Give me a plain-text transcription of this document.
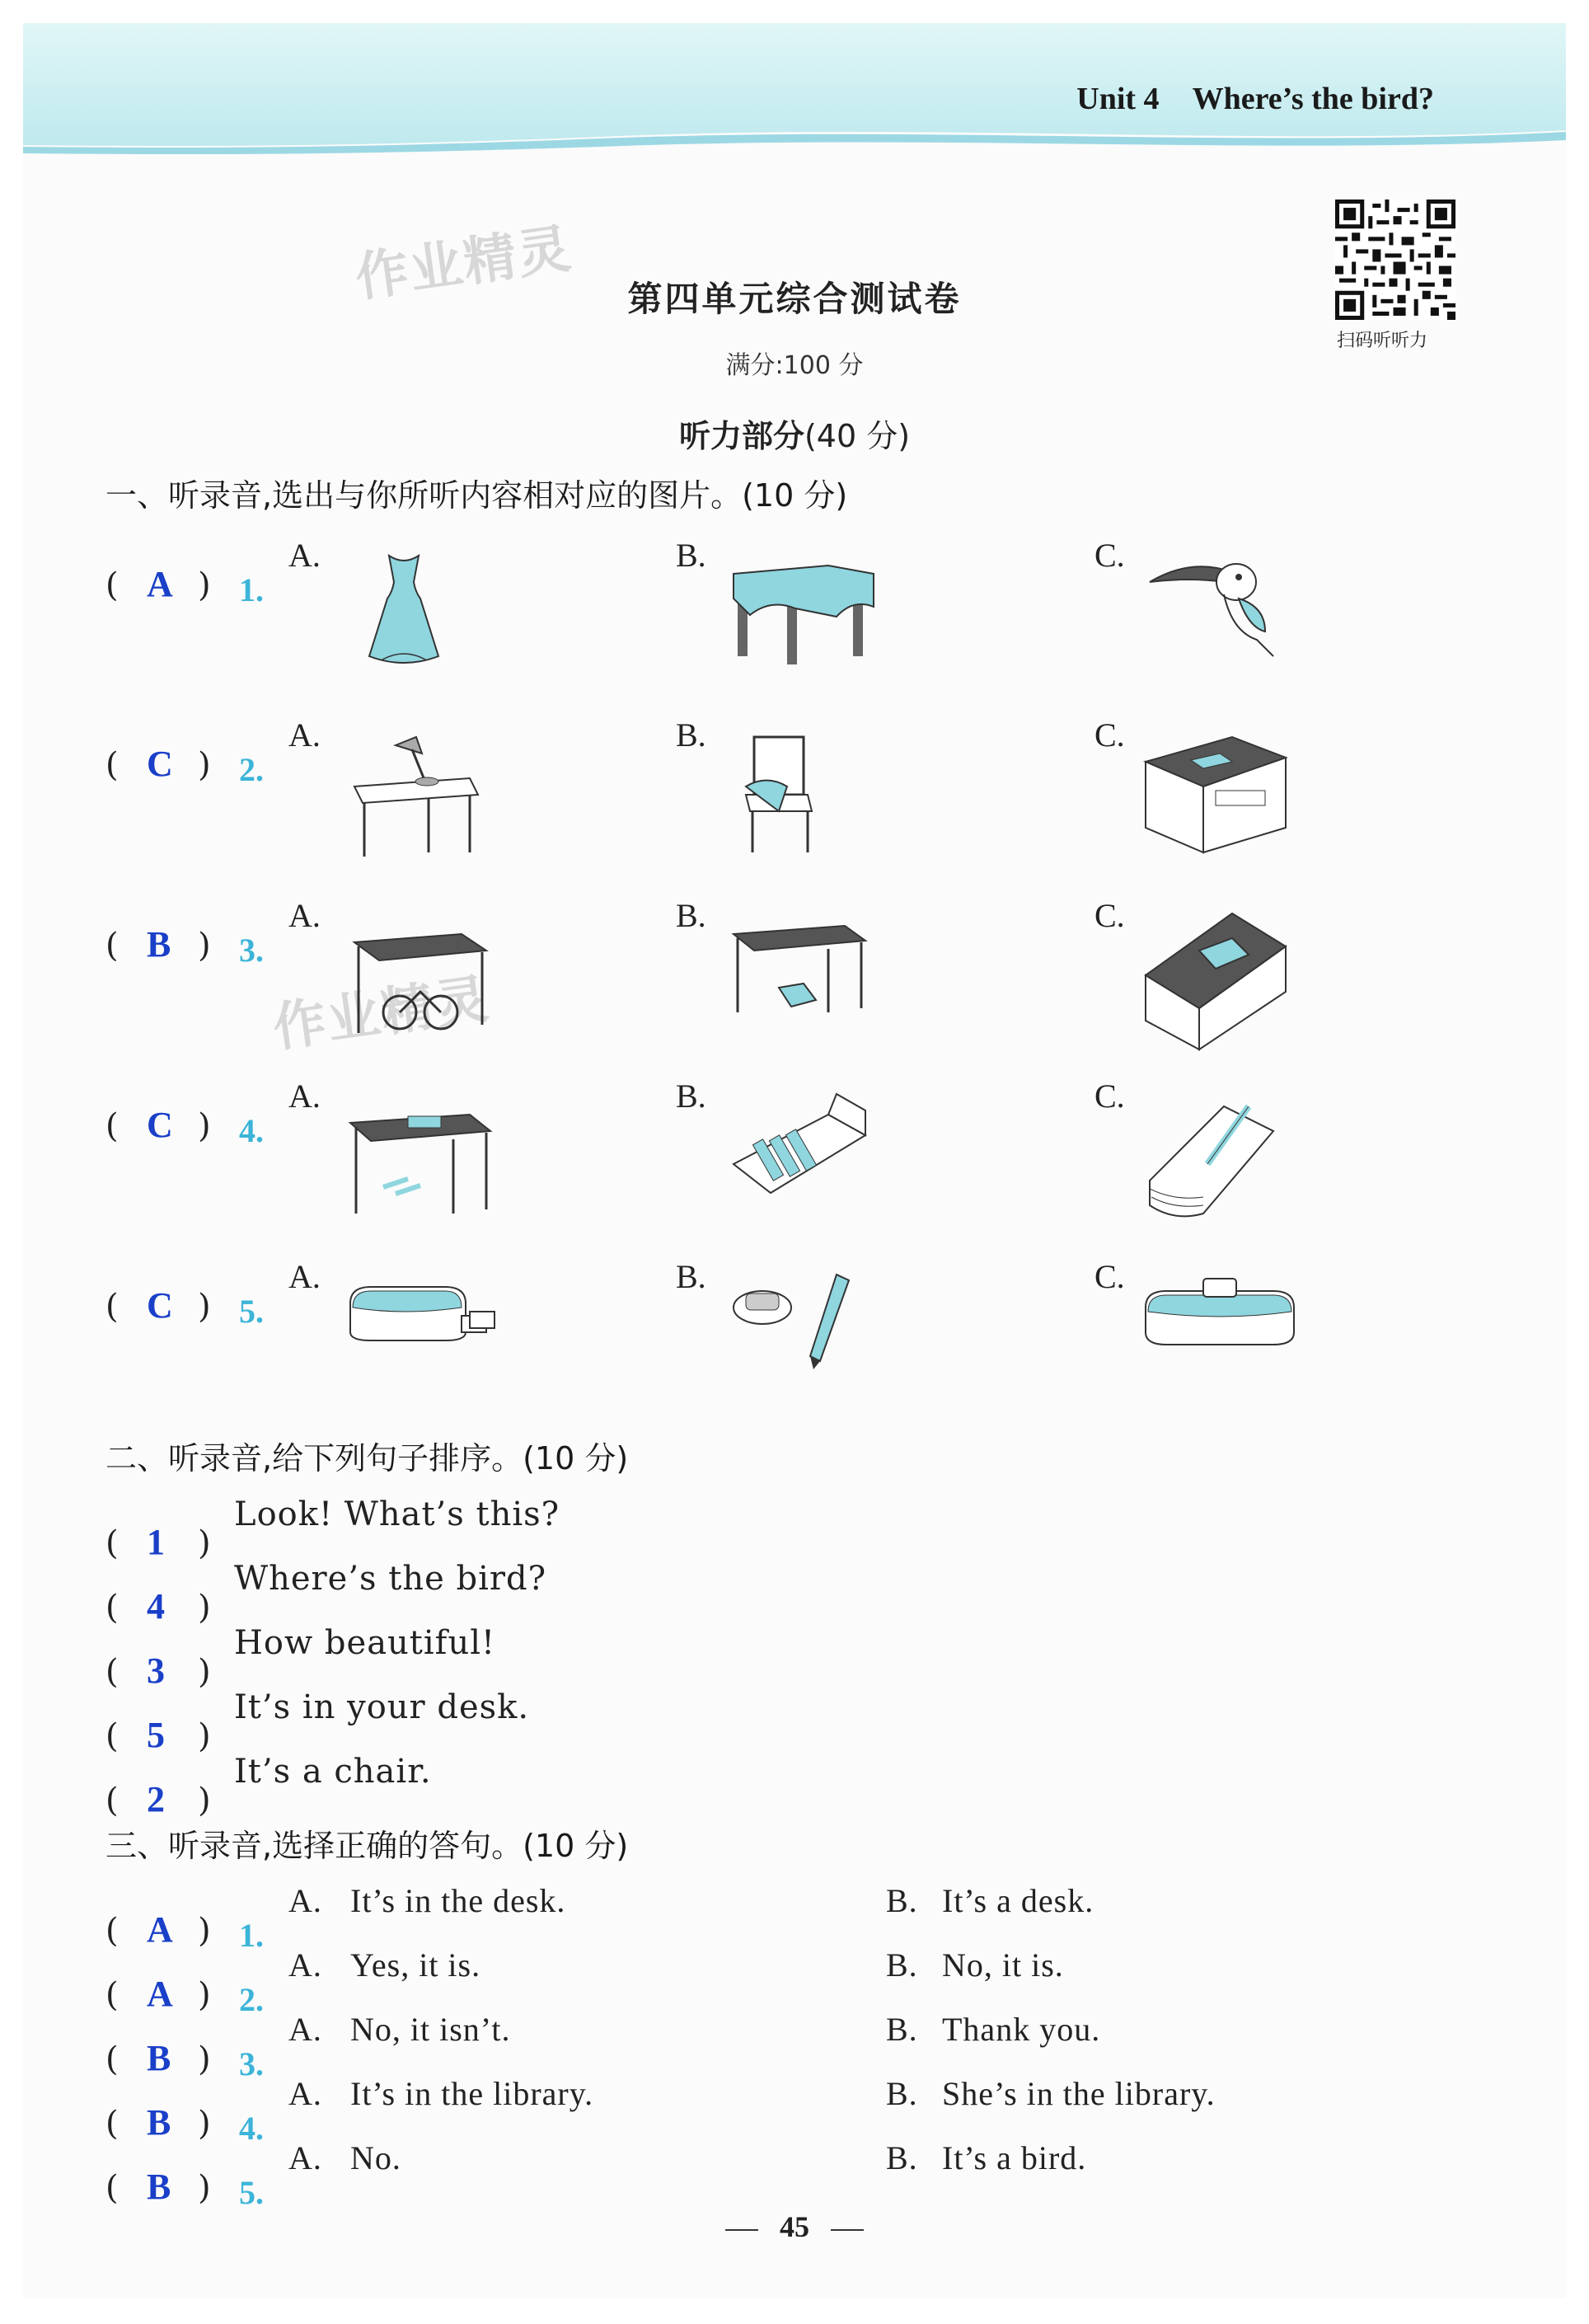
Unit 4 Where’s the bird?
作业精灵
作业精灵
扫码听听力
第四单元综合测试卷
满分:100 分
听力部分(40 分)
一、听录音,选出与你所听内容相对应的图片。(10 分)
( A ) 1.
A.	B.	C.
( C ) 2.
A.	B.	C.
( B ) 3.
A.	B.	C.
( C ) 4.
A.	B.	C.
( C ) 5.
A.	B.	C.
二、听录音,给下列句子排序。(10 分)
( 1 )
Look! What’s this?
( 4 )
Where’s the bird?
( 3 )
How beautiful!
( 5 )
It’s in your desk.
( 2 )
It’s a chair.
三、听录音,选择正确的答句。(10 分)
( A ) 1.
A. It’s in the desk.	B. It’s a desk.
( A ) 2.
A. Yes, it is.	B. No, it is.
( B ) 3.
A. No, it isn’t.	B. Thank you.
( B ) 4.
A. It’s in the library.	B. She’s in the library.
( B ) 5.
A. No.	B. It’s a bird.
45
